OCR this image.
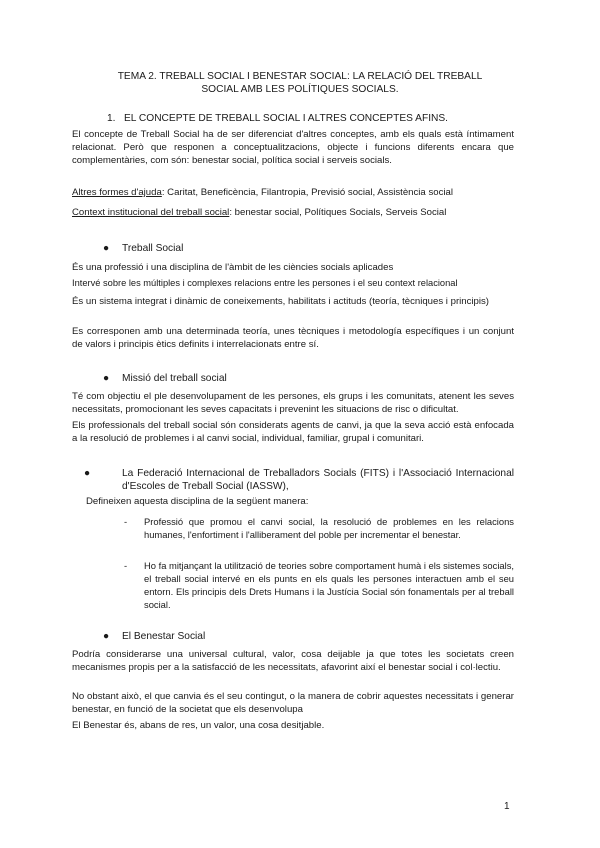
TEMA 2. TREBALL SOCIAL I BENESTAR SOCIAL: LA RELACIÓ DEL TREBALL SOCIAL AMB LES POLÍTIQUES SOCIALS.
1. EL CONCEPTE DE TREBALL SOCIAL I ALTRES CONCEPTES AFINS.

El concepte de Treball Social ha de ser diferenciat d'altres conceptes, amb els quals està íntimament relacionat. Però que responen a conceptualitzacions, objecte i funcions diferents encara que complementàries, com són: benestar social, política social i serveis socials.

Altres formes d'ajuda: Caritat, Beneficència, Filantropia, Previsió social, Assistència social

Context institucional del treball social: benestar social, Polítiques Socials, Serveis Social

● Treball Social

És una professió i una disciplina de l'àmbit de les ciències socials aplicades

Intervé sobre les múltiples i complexes relacions entre les persones i el seu context relacional

És un sistema integrat i dinàmic de coneixements, habilitats i actituds (teoría, tècniques i principis)

Es corresponen amb una determinada teoría, unes tècniques i metodología específiques i un conjunt de valors i principis ètics definits i interrelacionats entre sí.

● Missió del treball social

Té com objectiu el ple desenvolupament de les persones, els grups i les comunitats, atenent les seves necessitats, promocionant les seves capacitats i prevenint les situacions de risc o dificultat.

Els professionals del treball social són considerats agents de canvi, ja que la seva acció està enfocada a la resolució de problemes i al canvi social, individual, familiar, grupal i comunitari.

●	La Federació Internacional de Treballadors Socials (FITS) i l'Associació Internacional d'Escoles de Treball Social (IASSW),

Defineixen aquesta disciplina de la següent manera:

-	Professió que promou el canvi social, la resolució de problemes en les relacions humanes, l'enfortiment i l'alliberament del poble per incrementar el benestar.
-	Ho fa mitjançant la utilització de teories sobre comportament humà i els sistemes socials, el treball social intervé en els punts en els quals les persones interactuen amb el seu entorn. Els principis dels Drets Humans i la Justícia Social són fonamentals per al treball social.
● El Benestar Social

Podría considerarse una universal cultural, valor, cosa deijable ja que totes les societats creen mecanismes propis per a la satisfacció de les necessitats, afavorint així el benestar social i col·lectiu.

No obstant això, el que canvia és el seu contingut, o la manera de cobrir aquestes necessitats i generar benestar, en funció de la societat que els desenvolupa

El Benestar és, abans de res, un valor, una cosa desitjable.

1
